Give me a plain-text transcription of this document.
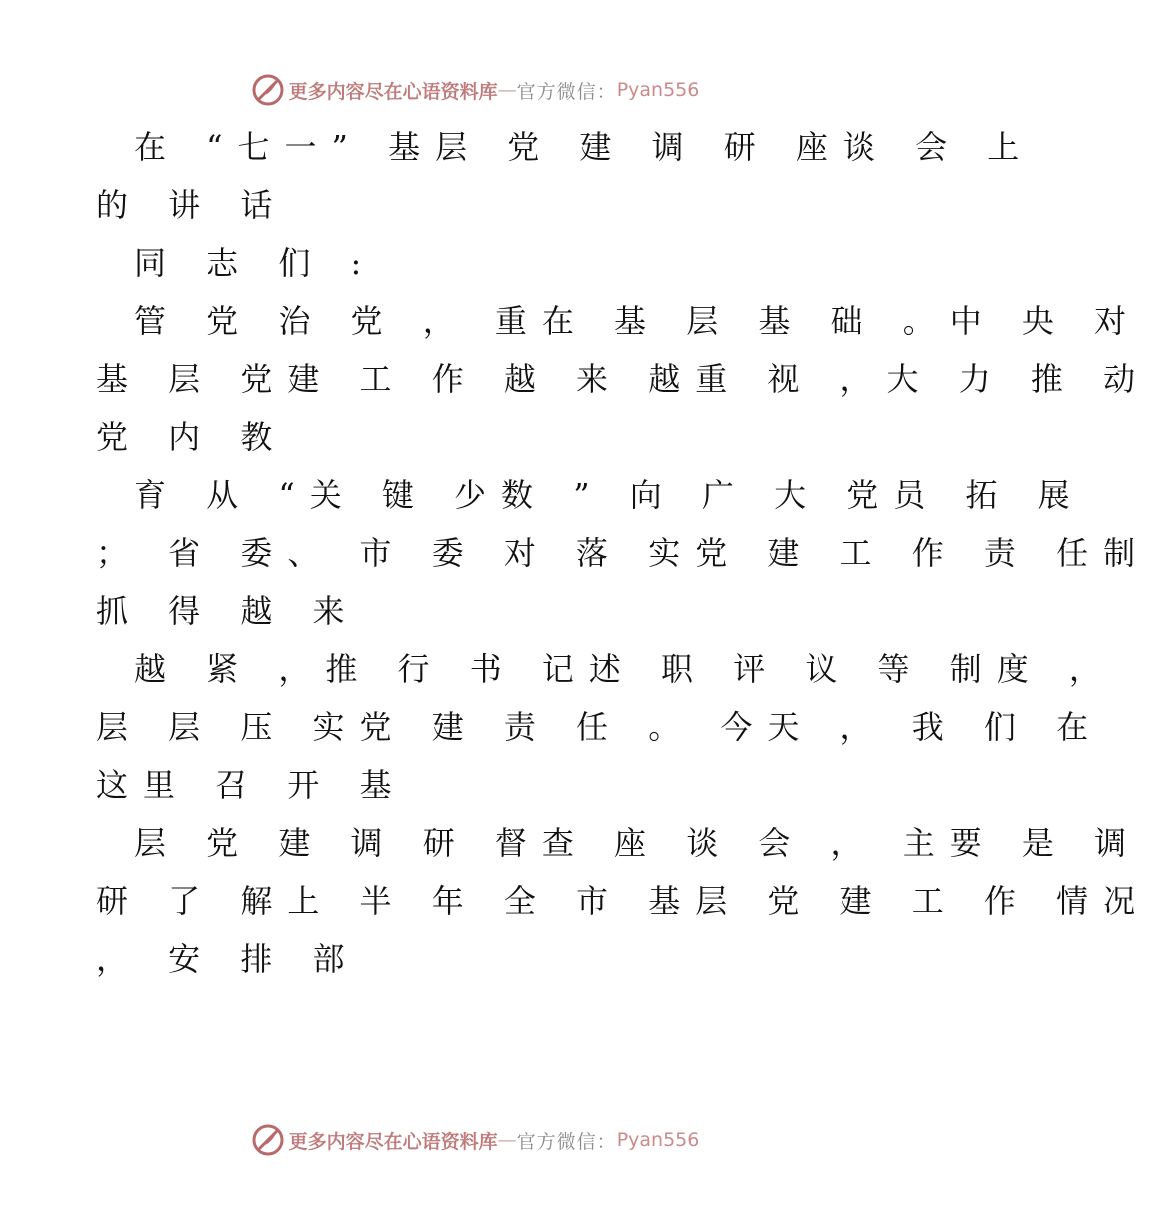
更多内容尽在心语资料库 — 官方微信： Pyan556
在 “七一” 基层 党 建 调 研 座谈 会 上
的 讲 话
同 志 们 :
管 党 治 党 ， 重在 基 层 基 础 。中 央 对
基 层 党建 工 作 越 来 越重 视 ，大 力 推 动
党 内 教
育 从 “关 键 少数 ” 向 广 大 党员 拓 展
； 省 委、 市 委 对 落 实党 建 工 作 责 任制
抓 得 越 来
越 紧 ，推 行 书 记述 职 评 议 等 制度 ，
层 层 压 实党 建 责 任 。 今天 ， 我 们 在
这里 召 开 基
层 党 建 调 研 督查 座 谈 会 ， 主要 是 调
研 了 解上 半 年 全 市 基层 党 建 工 作 情况
， 安 排 部
更多内容尽在心语资料库 — 官方微信： Pyan556
